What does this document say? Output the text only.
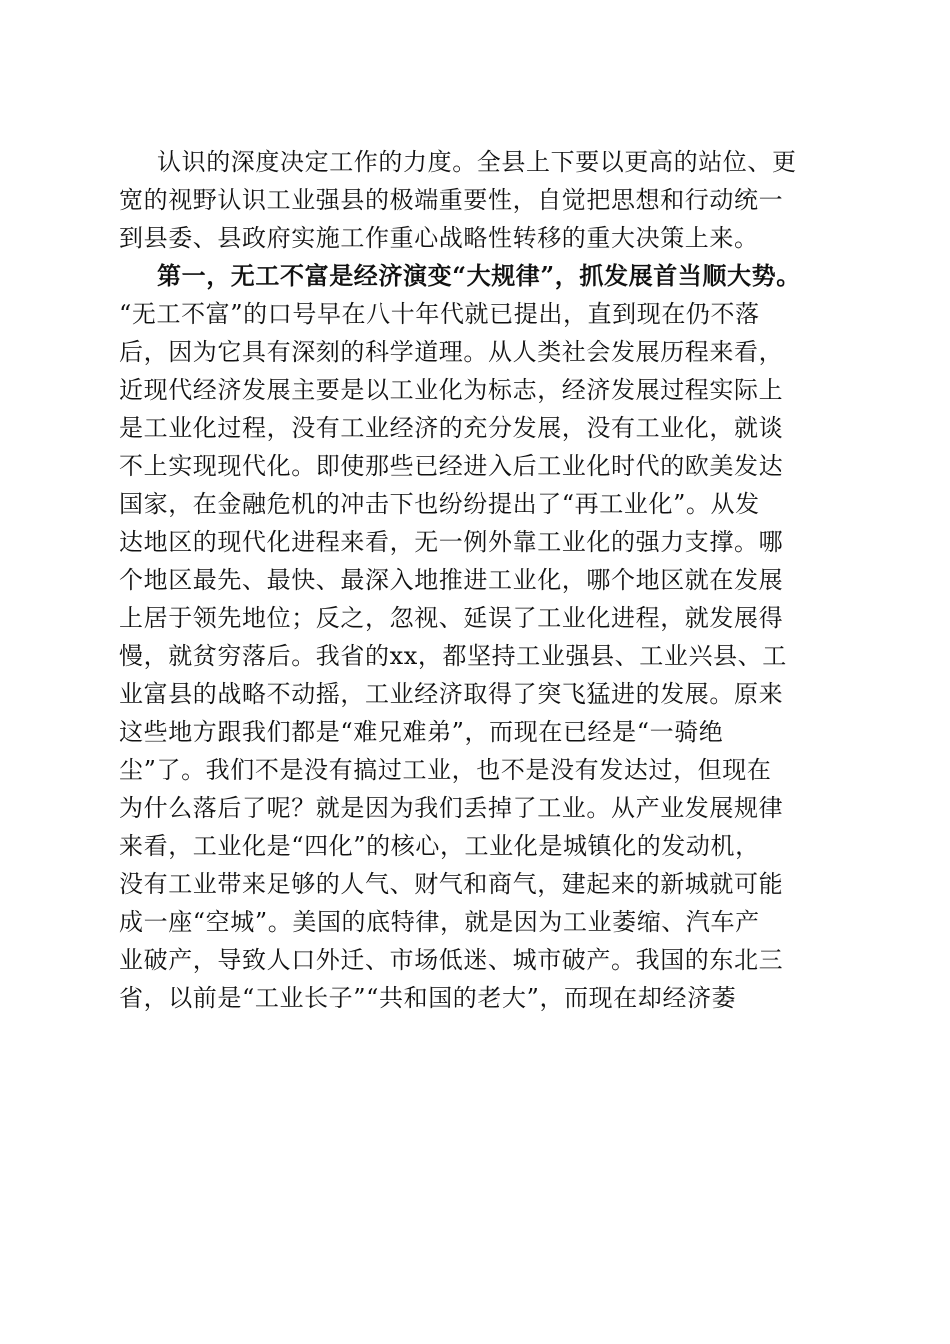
认识的深度决定工作的力度。全县上下要以更高的站位、更
宽的视野认识工业强县的极端重要性，自觉把思想和行动统一
到县委、县政府实施工作重心战略性转移的重大决策上来。
第一，无工不富是经济演变“大规律”，抓发展首当顺大势。
“无工不富”的口号早在八十年代就已提出，直到现在仍不落
后，因为它具有深刻的科学道理。从人类社会发展历程来看，
近现代经济发展主要是以工业化为标志，经济发展过程实际上
是工业化过程，没有工业经济的充分发展，没有工业化，就谈
不上实现现代化。即使那些已经进入后工业化时代的欧美发达
国家，在金融危机的冲击下也纷纷提出了“再工业化”。从发
达地区的现代化进程来看，无一例外靠工业化的强力支撑。哪
个地区最先、最快、最深入地推进工业化，哪个地区就在发展
上居于领先地位；反之，忽视、延误了工业化进程，就发展得
慢，就贫穷落后。我省的xx，都坚持工业强县、工业兴县、工
业富县的战略不动摇，工业经济取得了突飞猛进的发展。原来
这些地方跟我们都是“难兄难弟”，而现在已经是“一骑绝
尘”了。我们不是没有搞过工业，也不是没有发达过，但现在
为什么落后了呢？就是因为我们丢掉了工业。从产业发展规律
来看，工业化是“四化”的核心，工业化是城镇化的发动机，
没有工业带来足够的人气、财气和商气，建起来的新城就可能
成一座“空城”。美国的底特律，就是因为工业萎缩、汽车产
业破产，导致人口外迁、市场低迷、城市破产。我国的东北三
省，以前是“工业长子”“共和国的老大”，而现在却经济萎
